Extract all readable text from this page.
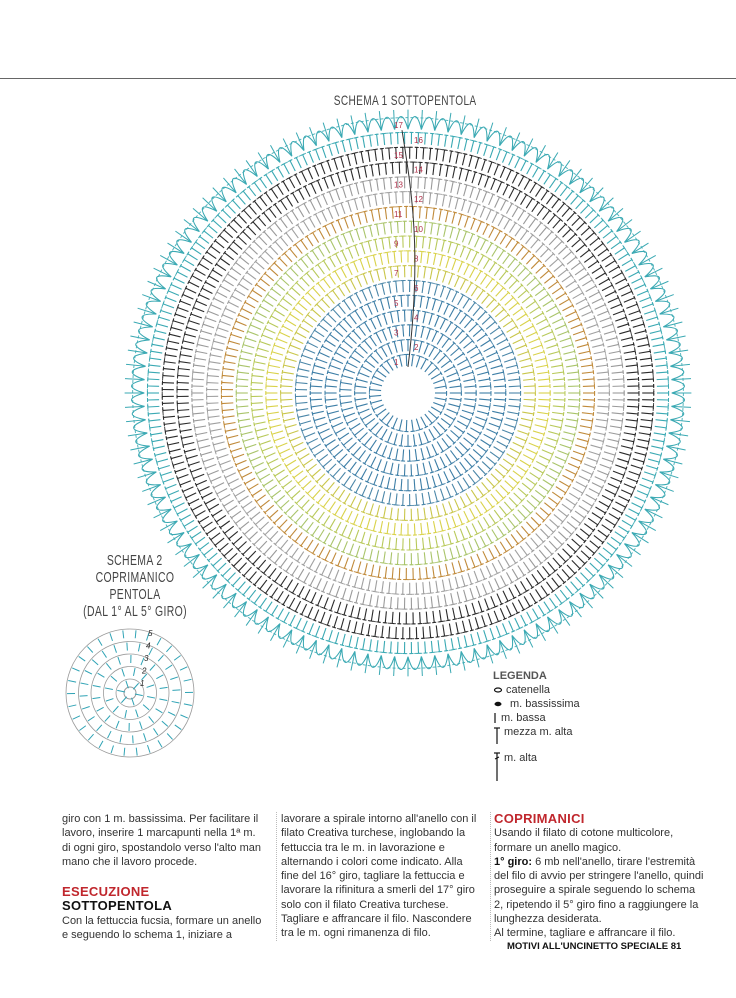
SCHEMA 1 SOTTOPENTOLA
1
2
3
4
5
6
7
8
9
10
11
12
13
14
15
16
17
1
2
3
4
5
SCHEMA 2
COPRIMANICO PENTOLA
(DAL 1° AL 5° GIRO)
LEGENDA
catenella
m. bassissima
m. bassa
mezza m. alta
m. alta

giro con 1 m. bassissima. Per facilitare il lavoro, inserire 1 marcapunti nella 1ª m. di ogni giro, spostandolo verso l'alto man mano che il lavoro procede.

ESECUZIONE

SOTTOPENTOLA

Con la fettuccia fucsia, formare un anello e seguendo lo schema 1, iniziare a

lavorare a spirale intorno all'anello con il filato Creativa turchese, inglobando la fettuccia tra le m. in lavorazione e alternando i colori come indicato. Alla fine del 16° giro, tagliare la fettuccia e lavorare la rifinitura a smerli del 17° giro solo con il filato Creativa turchese.

Tagliare e affrancare il filo. Nascondere tra le m. ogni rimanenza di filo.

COPRIMANICI

Usando il filato di cotone multicolore, formare un anello magico.

1° giro: 6 mb nell'anello, tirare l'estremità del filo di avvio per stringere l'anello, quindi proseguire a spirale seguendo lo schema 2, ripetendo il 5° giro fino a raggiungere la lunghezza desiderata.

Al termine, tagliare e affrancare il filo.

MOTIVI ALL'UNCINETTO SPECIALE 81
